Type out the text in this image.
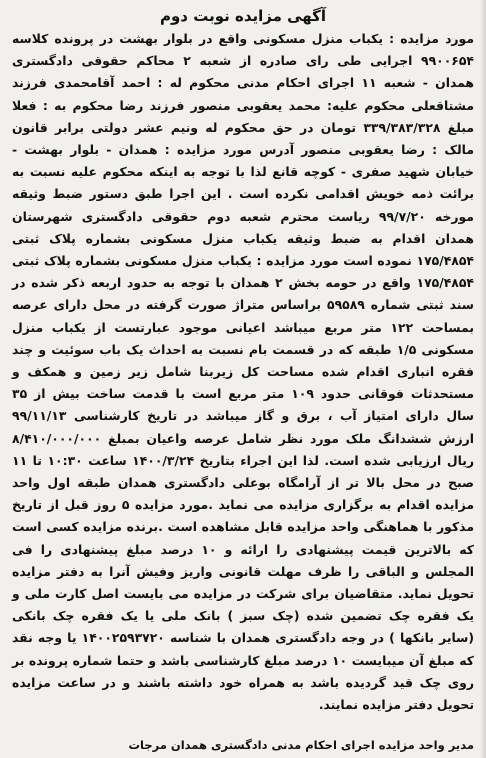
آگهی مزایده نوبت دوم

مورد مزایده : یکباب منزل مسکونی واقع در بلوار بهشت در پرونده کلاسه ۹۹۰۰۶۵۴ اجرایی طی رای صادره از شعبه ۲ محاکم حقوقی دادگستری همدان - شعبه ۱۱ اجرای احکام مدنی محکوم له : احمد آقامحمدی فرزند مشتاقعلی محکوم علیه: محمد یعقوبی منصور فرزند رضا محکوم به : فعلا مبلغ ۳۳۹/۳۸۳/۳۲۸ تومان در حق محکوم له ونیم عشر دولتی برابر قانون مالک : رضا یعقوبی منصور آدرس مورد مزایده : همدان - بلوار بهشت - خیابان شهید صفری - کوچه قانع لذا با توجه به اینکه محکوم علیه نسبت به برائت ذمه خویش اقدامی نکرده است . این اجرا طبق دستور ضبط وثیقه مورخه ۹۹/۷/۲۰ ریاست محترم شعبه دوم حقوقی دادگستری شهرستان همدان اقدام به ضبط وثیقه یکباب منزل مسکونی بشماره پلاک ثبتی ۱۷۵/۴۸۵۴ نموده است مورد مزایده : یکباب منزل مسکونی بشماره پلاک ثبتی ۱۷۵/۴۸۵۴ واقع در حومه بخش ۲ همدان با توجه به حدود اربعه ذکر شده در سند ثبتی شماره ۵۹۵۸۹ براساس متراژ صورت گرفته در محل دارای عرصه بمساحت ۱۲۲ متر مربع میباشد اعیانی موجود عبارتست از یکباب منزل مسکونی ۱/۵ طبقه که در قسمت بام نسبت به احداث یک باب سوئیت و چند فقره انباری اقدام شده مساحت کل زیربنا شامل زیر زمین و همکف و مستحدثات فوقانی حدود ۱۰۹ متر مربع است با قدمت ساخت بیش از ۳۵ سال دارای امتیاز آب ، برق و گاز میباشد در تاریخ کارشناسی ۹۹/۱۱/۱۳ ارزش ششدانگ ملک مورد نظر شامل عرصه واعیان بمبلغ ۸/۴۱۰/۰۰۰/۰۰۰ ریال ارزیابی شده است. لذا این اجراء بتاریخ ۱۴۰۰/۳/۲۴ ساعت ۱۰:۳۰ تا ۱۱ صبح در محل بالا تر از آرامگاه بوعلی دادگستری همدان طبقه اول واحد مزایده اقدام به برگزاری مزایده می نماید .مورد مزایده ۵ روز قبل از تاریخ مذکور با هماهنگی واحد مزایده قابل مشاهده است .برنده مزایده کسی است که بالاترین قیمت پیشنهادی را ارائه و ۱۰ درصد مبلغ پیشنهادی را فی المجلس و الباقی را ظرف مهلت قانونی واریز وفیش آنرا به دفتر مزایده تحویل نماید. متقاضیان برای شرکت در مزایده می بایست اصل کارت ملی و یک فقره چک تضمین شده (چک سبز ) بانک ملی یا یک فقره چک بانکی (سایر بانکها ) در وجه دادگستری همدان با شناسه ۱۴۰۰۲۵۹۳۷۲۰ یا وجه نقد که مبلغ آن میبایست ۱۰ درصد مبلغ کارشناسی باشد و حتما شماره پرونده بر روی چک قید گردیده باشد به همراه خود داشته باشند و در ساعت مزایده تحویل دفتر مزایده نمایند.

مدیر واحد مزایده اجرای احکام مدنی دادگستری همدان مرجات
